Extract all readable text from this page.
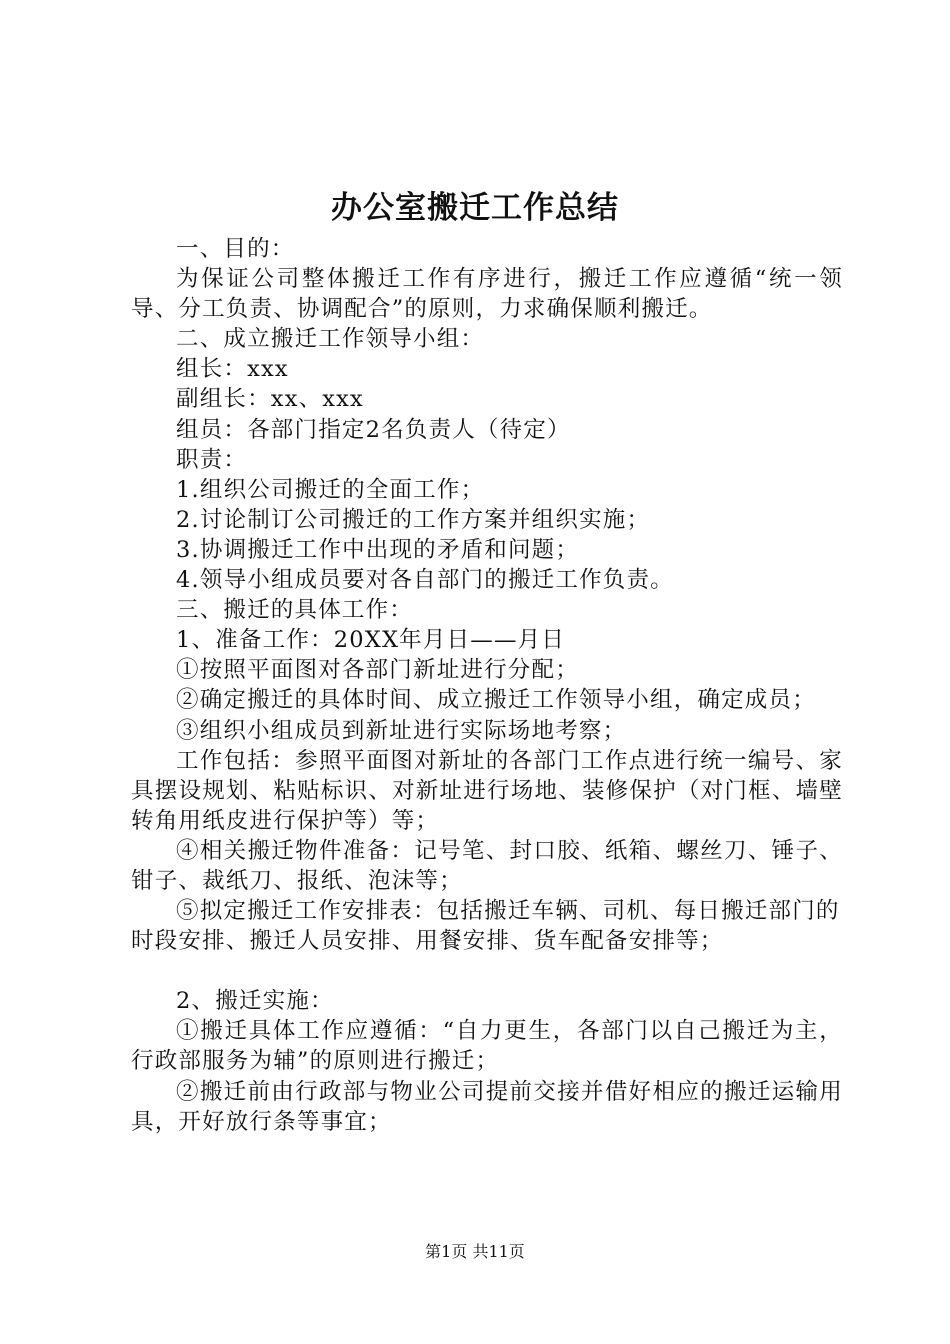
办公室搬迁工作总结

一、目的：

为保证公司整体搬迁工作有序进行，搬迁工作应遵循“统一领导、分工负责、协调配合”的原则，力求确保顺利搬迁。

二、成立搬迁工作领导小组：

组长：xxx

副组长：xx、xxx

组员：各部门指定2名负责人（待定）

职责：

1.组织公司搬迁的全面工作；

2.讨论制订公司搬迁的工作方案并组织实施；

3.协调搬迁工作中出现的矛盾和问题；

4.领导小组成员要对各自部门的搬迁工作负责。

三、搬迁的具体工作：

1、准备工作：20XX年月日——月日

①按照平面图对各部门新址进行分配；

②确定搬迁的具体时间、成立搬迁工作领导小组，确定成员；

③组织小组成员到新址进行实际场地考察；

工作包括：参照平面图对新址的各部门工作点进行统一编号、家具摆设规划、粘贴标识、对新址进行场地、装修保护（对门框、墙壁转角用纸皮进行保护等）等；

④相关搬迁物件准备：记号笔、封口胶、纸箱、螺丝刀、锤子、钳子、裁纸刀、报纸、泡沫等；

⑤拟定搬迁工作安排表：包括搬迁车辆、司机、每日搬迁部门的时段安排、搬迁人员安排、用餐安排、货车配备安排等；

2、搬迁实施：

①搬迁具体工作应遵循：“自力更生，各部门以自己搬迁为主，行政部服务为辅”的原则进行搬迁；

②搬迁前由行政部与物业公司提前交接并借好相应的搬迁运输用具，开好放行条等事宜；

第1页 共11页
